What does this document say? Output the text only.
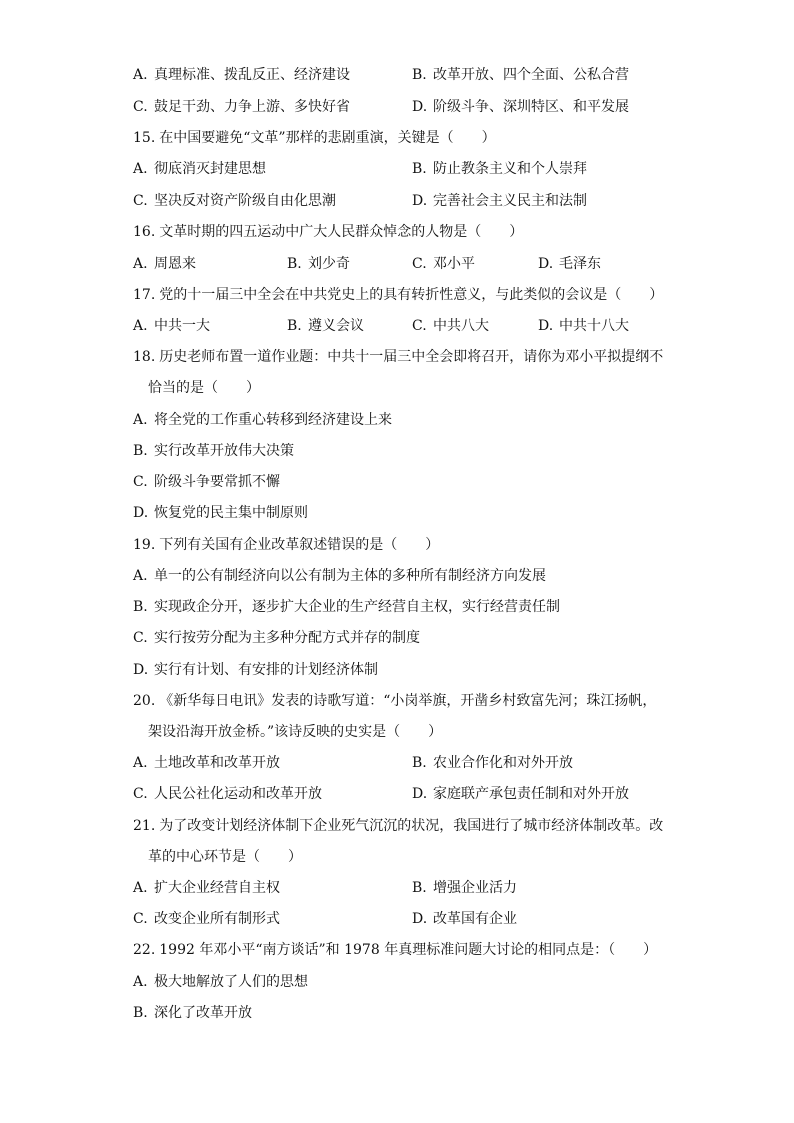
A. 真理标准、拨乱反正、经济建设	B. 改革开放、四个全面、公私合营
C. 鼓足干劲、力争上游、多快好省	D. 阶级斗争、深圳特区、和平发展
15. 在中国要避免“文革”那样的悲剧重演，关键是（　　）
A. 彻底消灭封建思想	B. 防止教条主义和个人崇拜
C. 坚决反对资产阶级自由化思潮	D. 完善社会主义民主和法制
16. 文革时期的四五运动中广大人民群众悼念的人物是（　　）
A. 周恩来	B. 刘少奇	C. 邓小平	D. 毛泽东
17. 党的十一届三中全会在中共党史上的具有转折性意义，与此类似的会议是（　　）
A. 中共一大	B. 遵义会议	C. 中共八大	D. 中共十八大
18. 历史老师布置一道作业题：中共十一届三中全会即将召开，请你为邓小平拟提纲不
恰当的是（　　）
A. 将全党的工作重心转移到经济建设上来
B. 实行改革开放伟大决策
C. 阶级斗争要常抓不懈
D. 恢复党的民主集中制原则
19. 下列有关国有企业改革叙述错误的是（　　）
A. 单一的公有制经济向以公有制为主体的多种所有制经济方向发展
B. 实现政企分开，逐步扩大企业的生产经营自主权，实行经营责任制
C. 实行按劳分配为主多种分配方式并存的制度
D. 实行有计划、有安排的计划经济体制
20. 《新华每日电讯》发表的诗歌写道：“小岗举旗，开凿乡村致富先河；珠江扬帆，
架设沿海开放金桥。”该诗反映的史实是（　　）
A. 土地改革和改革开放	B. 农业合作化和对外开放
C. 人民公社化运动和改革开放	D. 家庭联产承包责任制和对外开放
21. 为了改变计划经济体制下企业死气沉沉的状况，我国进行了城市经济体制改革。改
革的中心环节是（　　）
A. 扩大企业经营自主权	B. 增强企业活力
C. 改变企业所有制形式	D. 改革国有企业
22. 1992 年邓小平“南方谈话”和 1978 年真理标准问题大讨论的相同点是：（　　）
A. 极大地解放了人们的思想
B. 深化了改革开放
